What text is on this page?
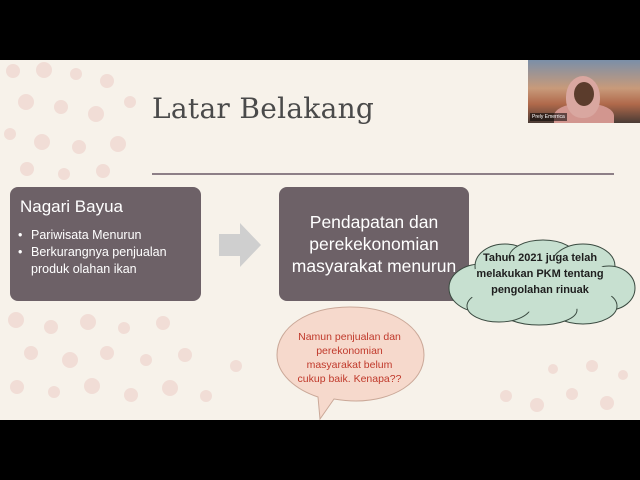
Latar Belakang
Nagari Bayua
• Pariwisata Menurun
• Berkurangnya penjualan produk olahan ikan
Pendapatan dan perekekonomian masyarakat menurun	Tahun 2021 juga telah melakukan PKM tentang pengolahan rinuak
Namun penjualan dan perekonomian masyarakat belum cukup baik. Kenapa??
Prely Emerrica
